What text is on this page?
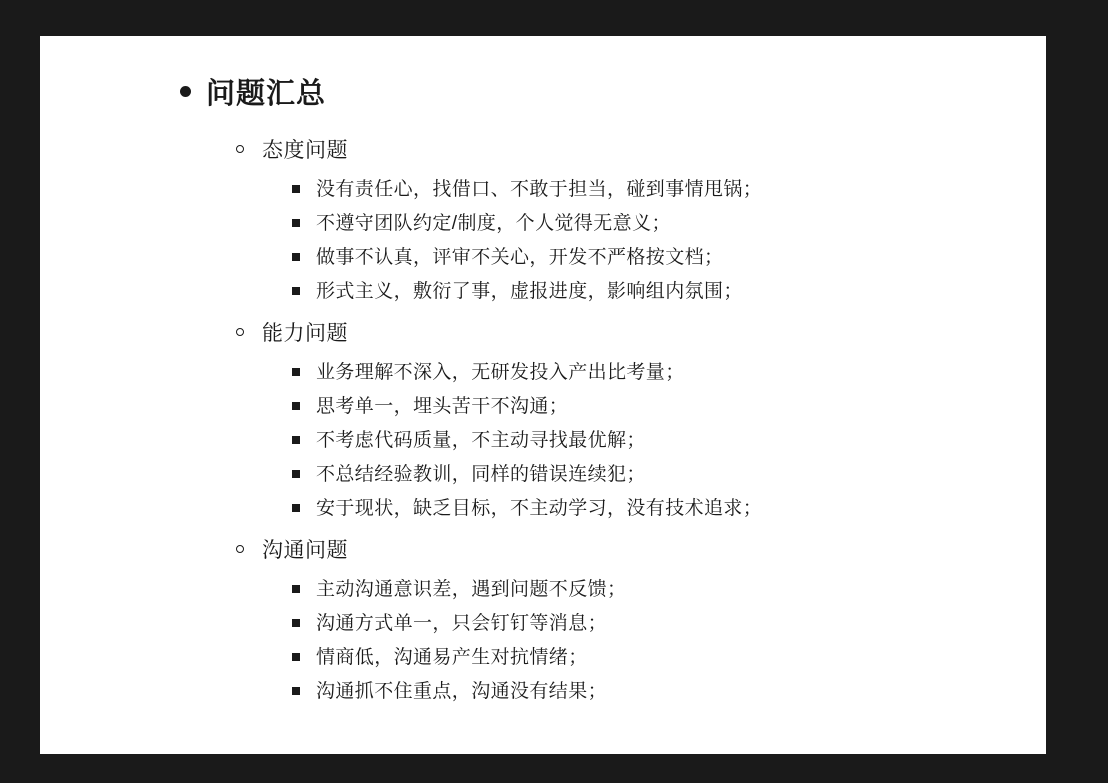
问题汇总
态度问题
没有责任心，找借口、不敢于担当，碰到事情甩锅；
不遵守团队约定/制度，个人觉得无意义；
做事不认真，评审不关心，开发不严格按文档；
形式主义，敷衍了事，虚报进度，影响组内氛围；
能力问题
业务理解不深入，无研发投入产出比考量；
思考单一，埋头苦干不沟通；
不考虑代码质量，不主动寻找最优解；
不总结经验教训，同样的错误连续犯；
安于现状，缺乏目标，不主动学习，没有技术追求；
沟通问题
主动沟通意识差，遇到问题不反馈；
沟通方式单一，只会钉钉等消息；
情商低，沟通易产生对抗情绪；
沟通抓不住重点，沟通没有结果；
